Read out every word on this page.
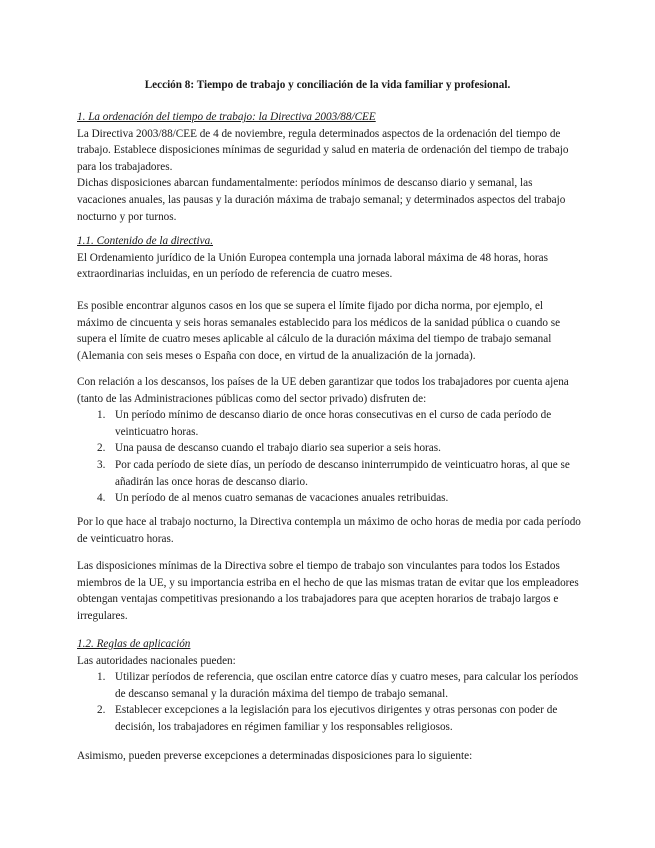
Lección 8: Tiempo de trabajo y conciliación de la vida familiar y profesional.
1. La ordenación del tiempo de trabajo: la Directiva 2003/88/CEE
La Directiva 2003/88/CEE de 4 de noviembre, regula determinados aspectos de la ordenación del tiempo de trabajo. Establece disposiciones mínimas de seguridad y salud en materia de ordenación del tiempo de trabajo para los trabajadores.
Dichas disposiciones abarcan fundamentalmente: períodos mínimos de descanso diario y semanal, las vacaciones anuales, las pausas y la duración máxima de trabajo semanal; y determinados aspectos del trabajo nocturno y por turnos.
1.1. Contenido de la directiva.
El Ordenamiento jurídico de la Unión Europea contempla una jornada laboral máxima de 48 horas, horas extraordinarias incluidas, en un período de referencia de cuatro meses.
Es posible encontrar algunos casos en los que se supera el límite fijado por dicha norma, por ejemplo, el máximo de cincuenta y seis horas semanales establecido para los médicos de la sanidad pública o cuando se supera el límite de cuatro meses aplicable al cálculo de la duración máxima del tiempo de trabajo semanal (Alemania con seis meses o España con doce, en virtud de la anualización de la jornada).
Con relación a los descansos, los países de la UE deben garantizar que todos los trabajadores por cuenta ajena (tanto de las Administraciones públicas como del sector privado) disfruten de:
1. Un período mínimo de descanso diario de once horas consecutivas en el curso de cada período de veinticuatro horas.
2. Una pausa de descanso cuando el trabajo diario sea superior a seis horas.
3. Por cada período de siete días, un período de descanso ininterrumpido de veinticuatro horas, al que se añadirán las once horas de descanso diario.
4. Un período de al menos cuatro semanas de vacaciones anuales retribuidas.
Por lo que hace al trabajo nocturno, la Directiva contempla un máximo de ocho horas de media por cada período de veinticuatro horas.
Las disposiciones mínimas de la Directiva sobre el tiempo de trabajo son vinculantes para todos los Estados miembros de la UE, y su importancia estriba en el hecho de que las mismas tratan de evitar que los empleadores obtengan ventajas competitivas presionando a los trabajadores para que acepten horarios de trabajo largos e irregulares.
1.2. Reglas de aplicación
Las autoridades nacionales pueden:
1. Utilizar períodos de referencia, que oscilan entre catorce días y cuatro meses, para calcular los períodos de descanso semanal y la duración máxima del tiempo de trabajo semanal.
2. Establecer excepciones a la legislación para los ejecutivos dirigentes y otras personas con poder de decisión, los trabajadores en régimen familiar y los responsables religiosos.
Asimismo, pueden preverse excepciones a determinadas disposiciones para lo siguiente:
